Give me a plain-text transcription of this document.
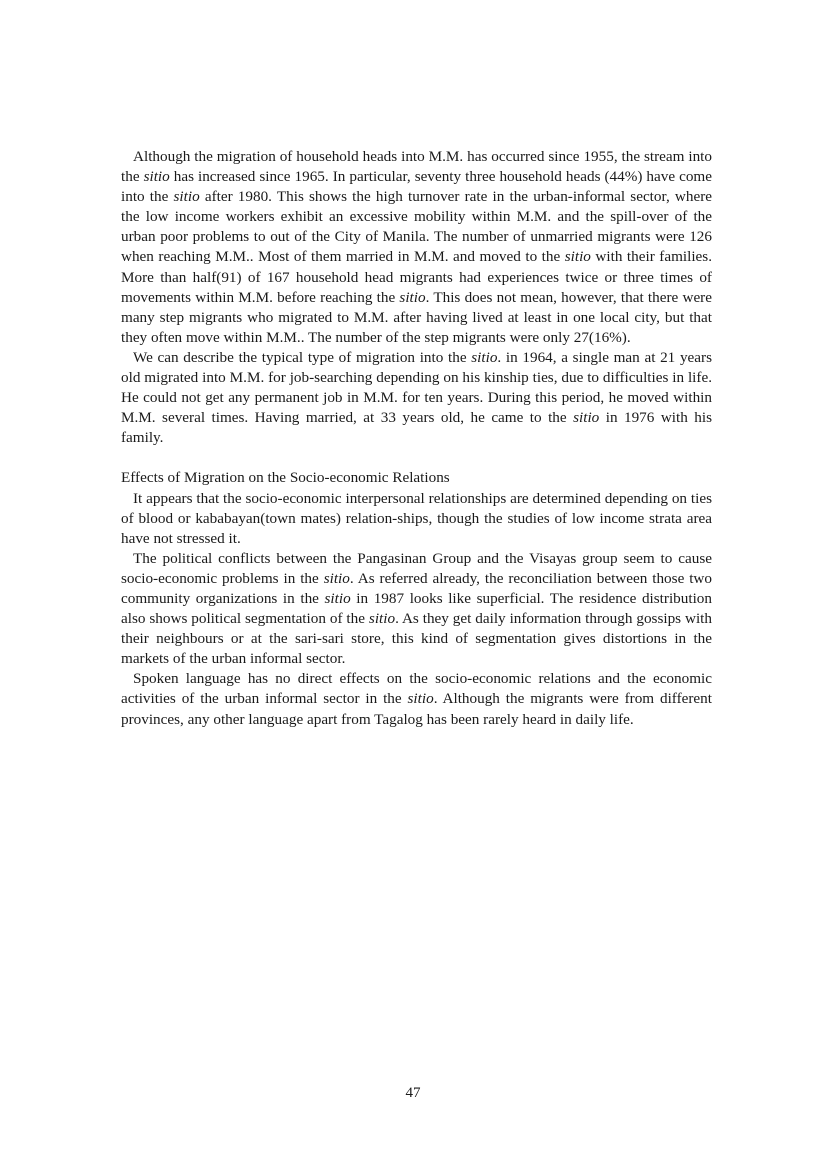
Although the migration of household heads into M.M. has occurred since 1955, the stream into the sitio has increased since 1965. In particular, seventy three household heads (44%) have come into the sitio after 1980. This shows the high turnover rate in the urban-informal sector, where the low income workers exhibit an excessive mobility within M.M. and the spill-over of the urban poor problems to out of the City of Manila. The number of unmarried migrants were 126 when reaching M.M.. Most of them married in M.M. and moved to the sitio with their families. More than half(91) of 167 household head migrants had experiences twice or three times of movements within M.M. before reaching the sitio. This does not mean, however, that there were many step migrants who migrated to M.M. after having lived at least in one local city, but that they often move within M.M.. The number of the step migrants were only 27(16%).

We can describe the typical type of migration into the sitio. in 1964, a single man at 21 years old migrated into M.M. for job-searching depending on his kinship ties, due to difficulties in life. He could not get any permanent job in M.M. for ten years. During this period, he moved within M.M. several times. Having married, at 33 years old, he came to the sitio in 1976 with his family.

Effects of Migration on the Socio-economic Relations

It appears that the socio-economic interpersonal relationships are determined depending on ties of blood or kababayan(town mates) relation-ships, though the studies of low income strata area have not stressed it.

The political conflicts between the Pangasinan Group and the Visayas group seem to cause socio-economic problems in the sitio. As referred already, the reconciliation between those two community organizations in the sitio in 1987 looks like superficial. The residence distribution also shows political segmentation of the sitio. As they get daily information through gossips with their neighbours or at the sari-sari store, this kind of segmentation gives distortions in the markets of the urban informal sector.

Spoken language has no direct effects on the socio-economic relations and the economic activities of the urban informal sector in the sitio. Although the migrants were from different provinces, any other language apart from Tagalog has been rarely heard in daily life.

47
